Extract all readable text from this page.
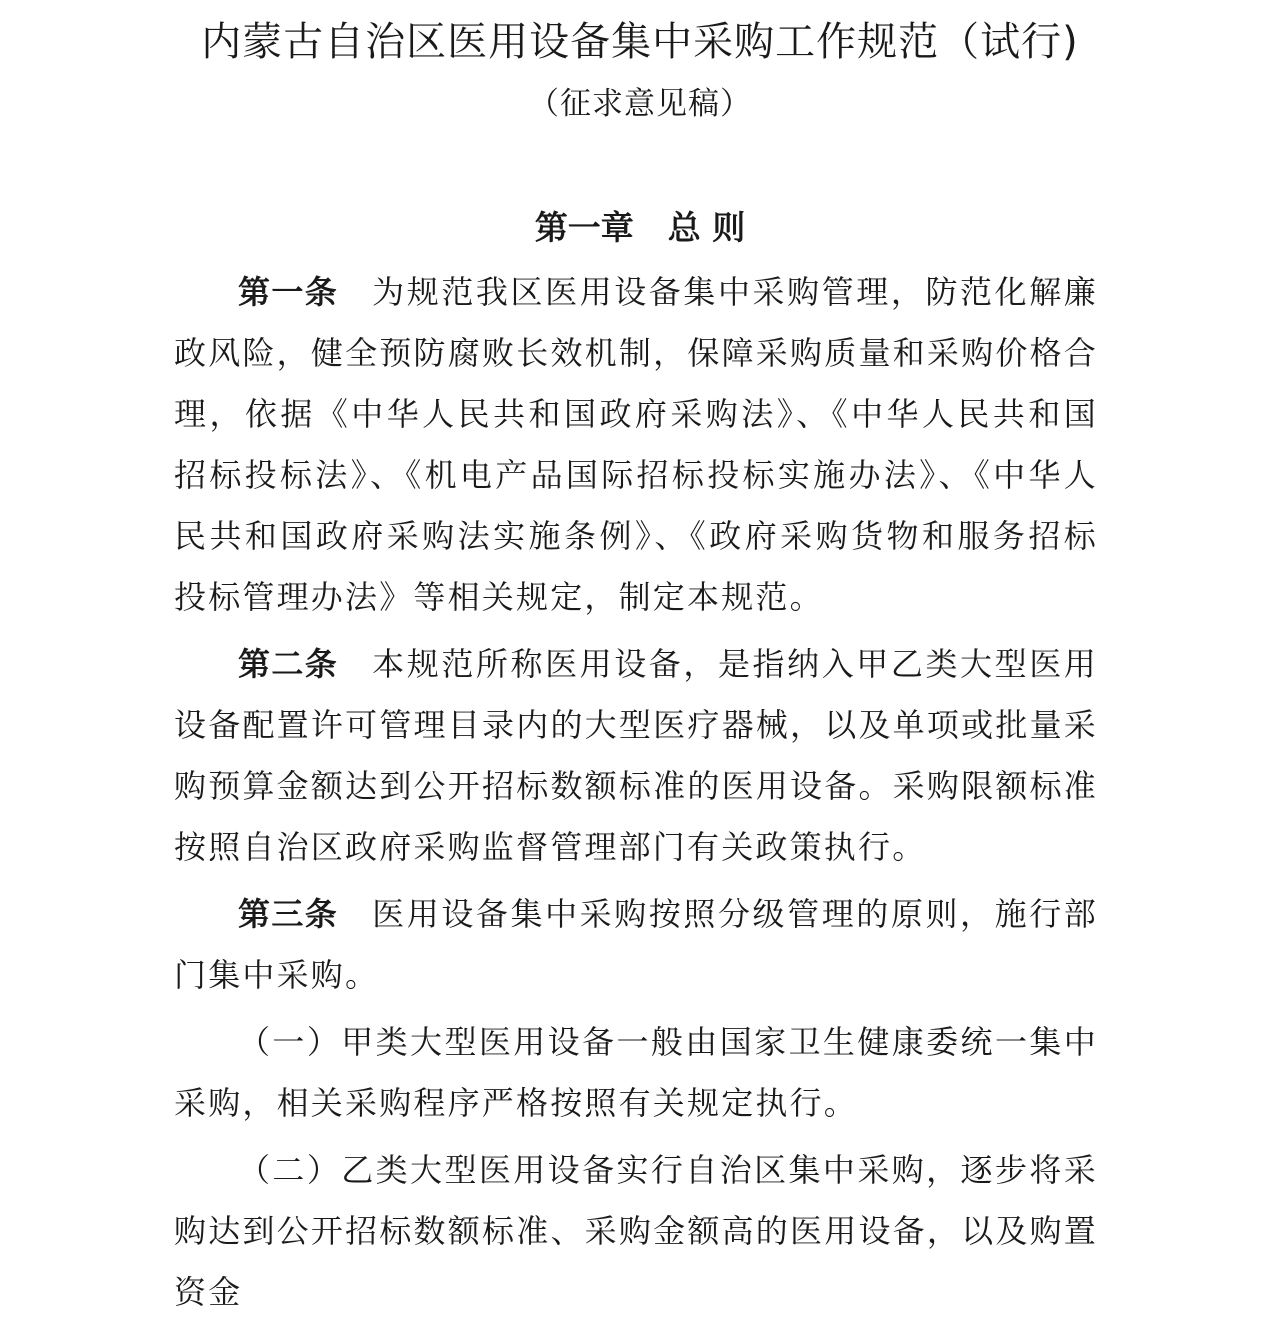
内蒙古自治区医用设备集中采购工作规范（试行)
（征求意见稿）
第一章 总 则

第一条 为规范我区医用设备集中采购管理，防范化解廉政风险，健全预防腐败长效机制，保障采购质量和采购价格合理，依据《中华人民共和国政府采购法》、《中华人民共和国招标投标法》、《机电产品国际招标投标实施办法》、《中华人民共和国政府采购法实施条例》、《政府采购货物和服务招标投标管理办法》等相关规定，制定本规范。

第二条 本规范所称医用设备，是指纳入甲乙类大型医用设备配置许可管理目录内的大型医疗器械，以及单项或批量采购预算金额达到公开招标数额标准的医用设备。采购限额标准按照自治区政府采购监督管理部门有关政策执行。

第三条 医用设备集中采购按照分级管理的原则，施行部门集中采购。

（一）甲类大型医用设备一般由国家卫生健康委统一集中采购，相关采购程序严格按照有关规定执行。

（二）乙类大型医用设备实行自治区集中采购，逐步将采购达到公开招标数额标准、采购金额高的医用设备，以及购置资金
